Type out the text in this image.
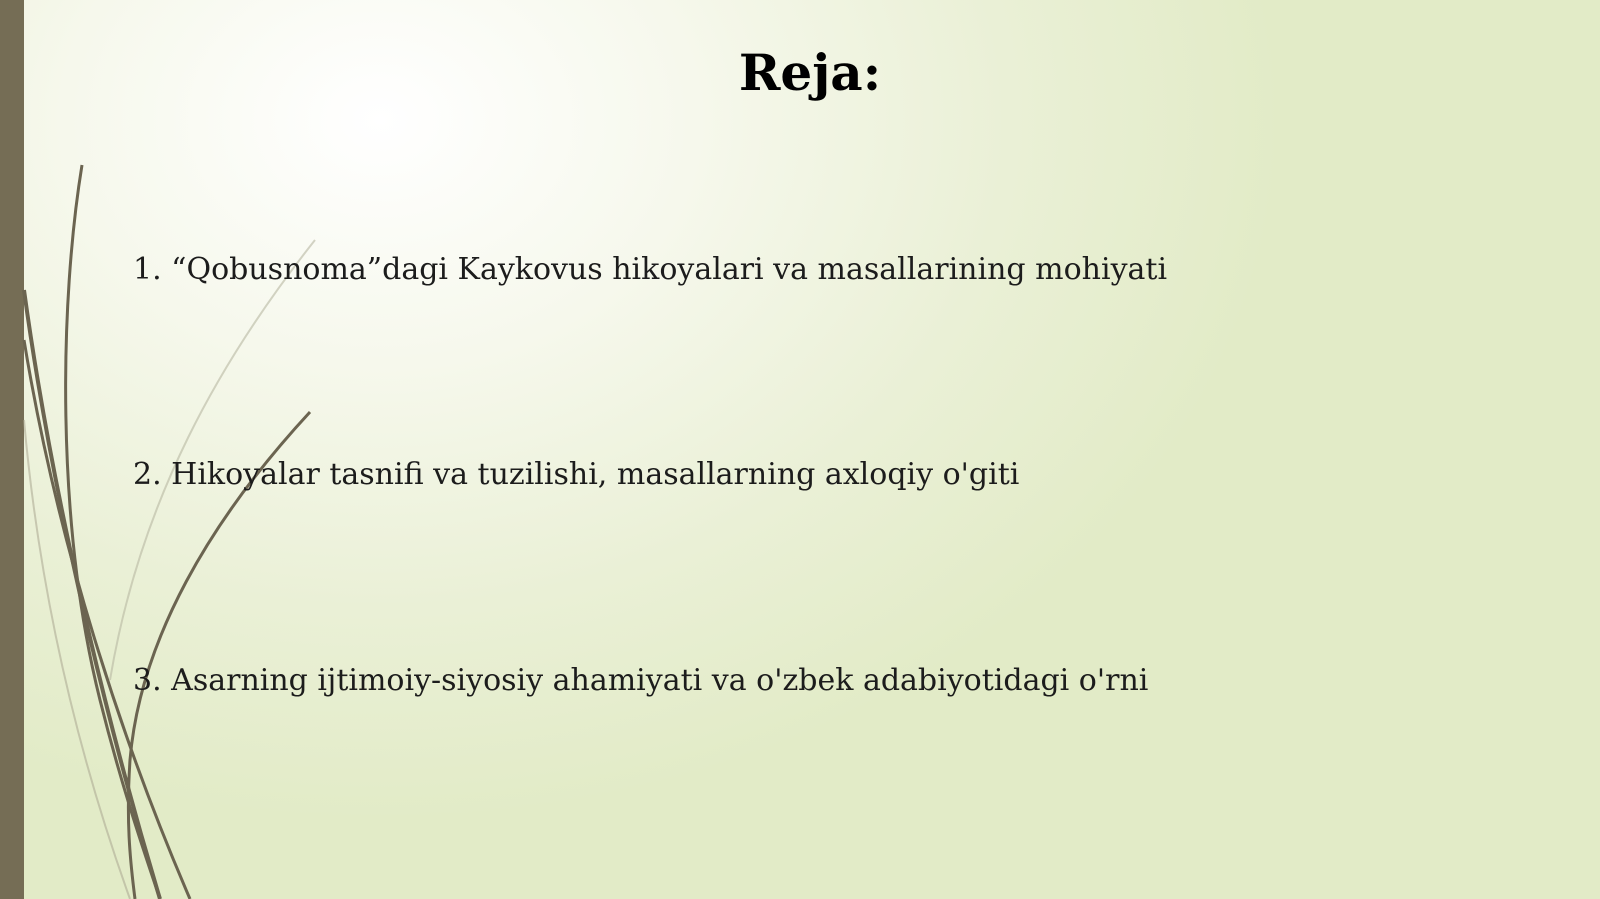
Reja:

1. “Qobusnoma”dagi Kaykovus hikoyalari va masallarining mohiyati

2. Hikoyalar tasnifi va tuzilishi, masallarning axloqiy o'giti

3. Asarning ijtimoiy-siyosiy ahamiyati va o'zbek adabiyotidagi o'rni
